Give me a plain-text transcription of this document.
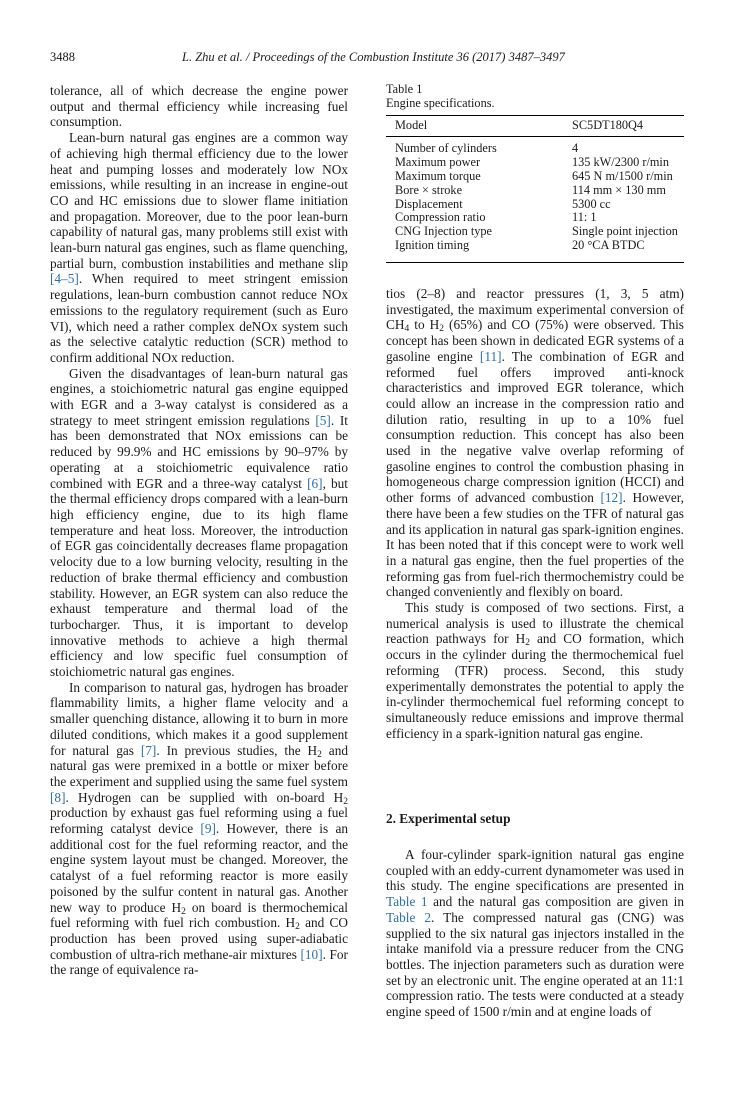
3488	L. Zhu et al. / Proceedings of the Combustion Institute 36 (2017) 3487–3497

tolerance, all of which decrease the engine power output and thermal efficiency while increasing fuel consumption.

Lean-burn natural gas engines are a common way of achieving high thermal efficiency due to the lower heat and pumping losses and moderately low NOx emissions, while resulting in an increase in engine-out CO and HC emissions due to slower flame initiation and propagation. Moreover, due to the poor lean-burn capability of natural gas, many problems still exist with lean-burn natural gas engines, such as flame quenching, partial burn, combustion instabilities and methane slip [4–5]. When required to meet stringent emission regulations, lean-burn combustion cannot reduce NOx emissions to the regulatory requirement (such as Euro VI), which need a rather complex deNOx system such as the selective catalytic reduction (SCR) method to confirm additional NOx reduction.

Given the disadvantages of lean-burn natural gas engines, a stoichiometric natural gas engine equipped with EGR and a 3-way catalyst is considered as a strategy to meet stringent emission regulations [5]. It has been demonstrated that NOx emissions can be reduced by 99.9% and HC emissions by 90–97% by operating at a stoichiometric equivalence ratio combined with EGR and a three-way catalyst [6], but the thermal efficiency drops compared with a lean-burn high efficiency engine, due to its high flame temperature and heat loss. Moreover, the introduction of EGR gas coincidentally decreases flame propagation velocity due to a low burning velocity, resulting in the reduction of brake thermal efficiency and combustion stability. However, an EGR system can also reduce the exhaust temperature and thermal load of the turbocharger. Thus, it is important to develop innovative methods to achieve a high thermal efficiency and low specific fuel consumption of stoichiometric natural gas engines.

In comparison to natural gas, hydrogen has broader flammability limits, a higher flame velocity and a smaller quenching distance, allowing it to burn in more diluted conditions, which makes it a good supplement for natural gas [7]. In previous studies, the $H_2$ and natural gas were premixed in a bottle or mixer before the experiment and supplied using the same fuel system [8]. Hydrogen can be supplied with on-board $H_2$ production by exhaust gas fuel reforming using a fuel reforming catalyst device [9]. However, there is an additional cost for the fuel reforming reactor, and the engine system layout must be changed. Moreover, the catalyst of a fuel reforming reactor is more easily poisoned by the sulfur content in natural gas. Another new way to produce $H_2$ on board is thermochemical fuel reforming with fuel rich combustion. $H_2$ and CO production has been proved using super-adiabatic combustion of ultra-rich methane-air mixtures [10]. For the range of equivalence ra-

Table 1
Engine specifications.
Model	SC5DT180Q4
Number of cylinders	4
Maximum power	135 kW/2300 r/min
Maximum torque	645 N m/1500 r/min
Bore × stroke	114 mm × 130 mm
Displacement	5300 cc
Compression ratio	11: 1
CNG Injection type	Single point injection
Ignition timing	20 °CA BTDC

tios (2–8) and reactor pressures (1, 3, 5 atm) investigated, the maximum experimental conversion of $CH_4$ to $H_2$ (65%) and CO (75%) were observed. This concept has been shown in dedicated EGR systems of a gasoline engine [11]. The combination of EGR and reformed fuel offers improved anti-knock characteristics and improved EGR tolerance, which could allow an increase in the compression ratio and dilution ratio, resulting in up to a 10% fuel consumption reduction. This concept has also been used in the negative valve overlap reforming of gasoline engines to control the combustion phasing in homogeneous charge compression ignition (HCCI) and other forms of advanced combustion [12]. However, there have been a few studies on the TFR of natural gas and its application in natural gas spark-ignition engines. It has been noted that if this concept were to work well in a natural gas engine, then the fuel properties of the reforming gas from fuel-rich thermochemistry could be changed conveniently and flexibly on board.

This study is composed of two sections. First, a numerical analysis is used to illustrate the chemical reaction pathways for $H_2$ and CO formation, which occurs in the cylinder during the thermochemical fuel reforming (TFR) process. Second, this study experimentally demonstrates the potential to apply the in-cylinder thermochemical fuel reforming concept to simultaneously reduce emissions and improve thermal efficiency in a spark-ignition natural gas engine.

2. Experimental setup

A four-cylinder spark-ignition natural gas engine coupled with an eddy-current dynamometer was used in this study. The engine specifications are presented in Table 1 and the natural gas composition are given in Table 2. The compressed natural gas (CNG) was supplied to the six natural gas injectors installed in the intake manifold via a pressure reducer from the CNG bottles. The injection parameters such as duration were set by an electronic unit. The engine operated at an 11:1 compression ratio. The tests were conducted at a steady engine speed of 1500 r/min and at engine loads of
